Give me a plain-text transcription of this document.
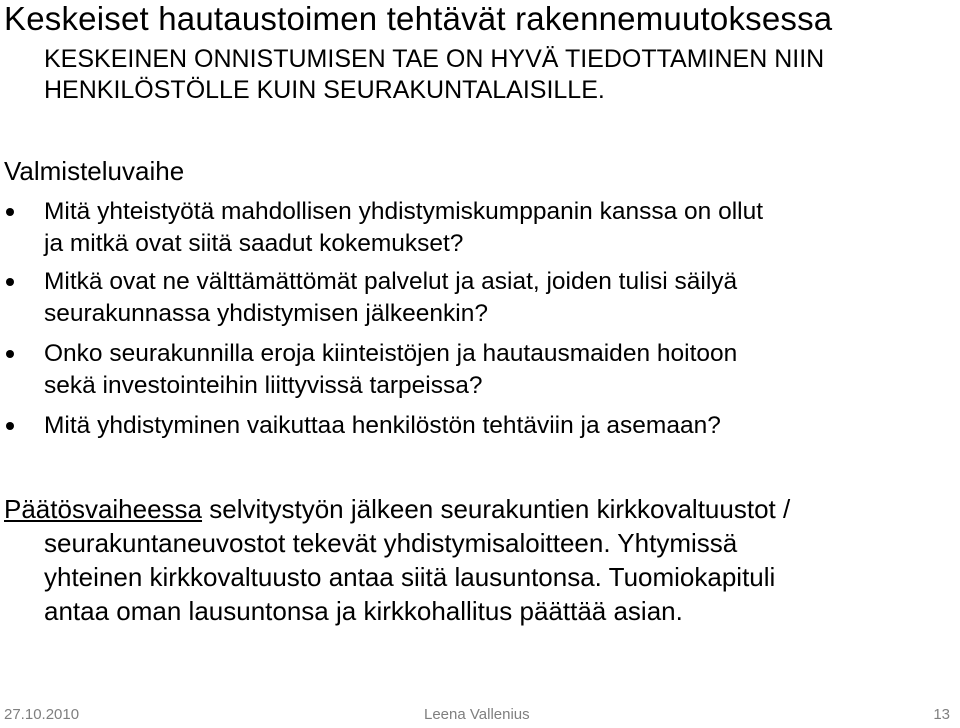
Keskeiset hautaustoimen tehtävät rakennemuutoksessa
KESKEINEN ONNISTUMISEN TAE ON HYVÄ TIEDOTTAMINEN NIIN
HENKILÖSTÖLLE KUIN SEURAKUNTALAISILLE.
Valmisteluvaihe
Mitä yhteistyötä mahdollisen yhdistymiskumppanin kanssa on ollut
ja mitkä ovat siitä saadut kokemukset?
Mitkä ovat ne välttämättömät palvelut ja asiat, joiden tulisi säilyä
seurakunnassa yhdistymisen jälkeenkin?
Onko seurakunnilla eroja kiinteistöjen ja hautausmaiden hoitoon
sekä investointeihin liittyvissä tarpeissa?
Mitä yhdistyminen vaikuttaa henkilöstön tehtäviin ja asemaan?
Päätösvaiheessa selvitystyön jälkeen seurakuntien kirkkovaltuustot /
seurakuntaneuvostot tekevät yhdistymisaloitteen. Yhtymissä
yhteinen kirkkovaltuusto antaa siitä lausuntonsa. Tuomiokapituli
antaa oman lausuntonsa ja kirkkohallitus päättää asian.
27.10.2010	Leena Vallenius	13
